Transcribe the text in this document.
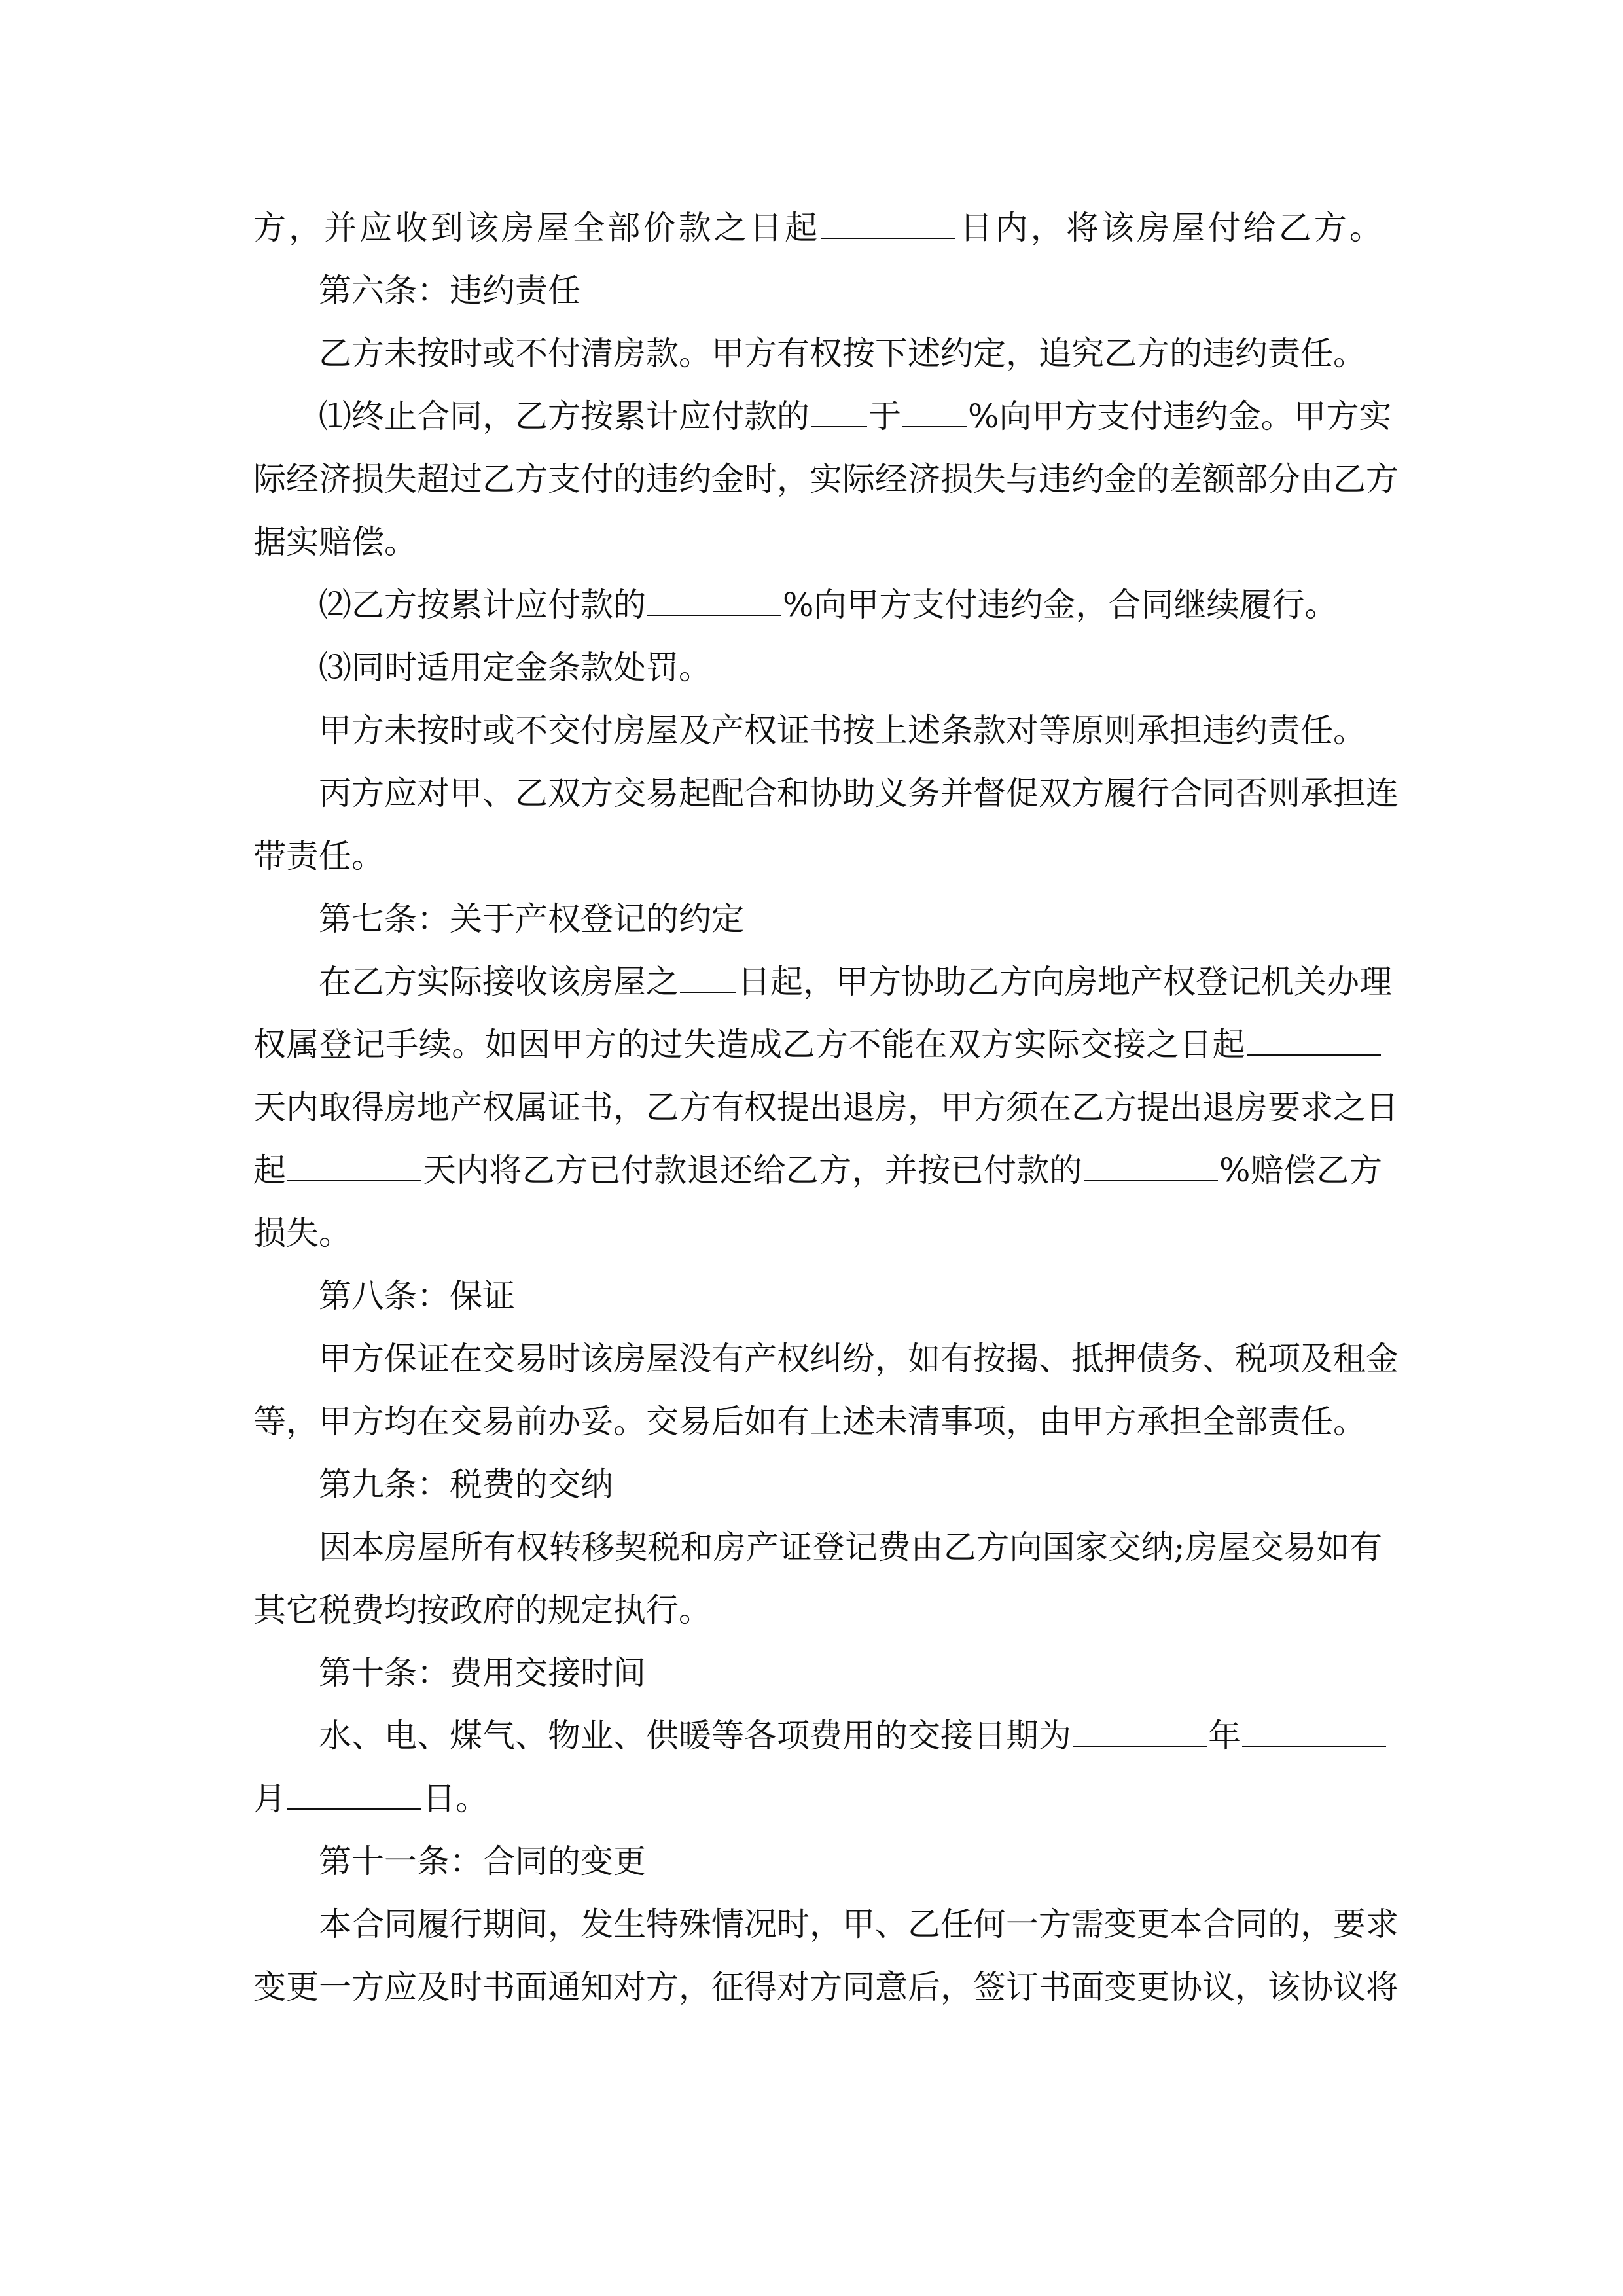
方，并应收到该房屋全部价款之日起	日内，将该房屋付给乙方。
第六条：违约责任
乙方未按时或不付清房款。甲方有权按下述约定，追究乙方的违约责任。
⑴终止合同，乙方按累计应付款的 于 %向甲方支付违约金。甲方实
际经济损失超过乙方支付的违约金时，实际经济损失与违约金的差额部分由乙方
据实赔偿。
⑵乙方按累计应付款的	%向甲方支付违约金，合同继续履行。
⑶同时适用定金条款处罚。
甲方未按时或不交付房屋及产权证书按上述条款对等原则承担违约责任。
丙方应对甲、乙双方交易起配合和协助义务并督促双方履行合同否则承担连
带责任。
第七条：关于产权登记的约定
在乙方实际接收该房屋之 日起，甲方协助乙方向房地产权登记机关办理
权属登记手续。如因甲方的过失造成乙方不能在双方实际交接之日起
天内取得房地产权属证书，乙方有权提出退房，甲方须在乙方提出退房要求之日
起	天内将乙方已付款退还给乙方，并按已付款的	%赔偿乙方
损失。
第八条：保证
甲方保证在交易时该房屋没有产权纠纷，如有按揭、抵押债务、税项及租金
等，甲方均在交易前办妥。交易后如有上述未清事项，由甲方承担全部责任。
第九条：税费的交纳
因本房屋所有权转移契税和房产证登记费由乙方向国家交纳;房屋交易如有
其它税费均按政府的规定执行。
第十条：费用交接时间
水、电、煤气、物业、供暖等各项费用的交接日期为	年
月	日。
第十一条：合同的变更
本合同履行期间，发生特殊情况时，甲、乙任何一方需变更本合同的，要求
变更一方应及时书面通知对方，征得对方同意后，签订书面变更协议，该协议将
